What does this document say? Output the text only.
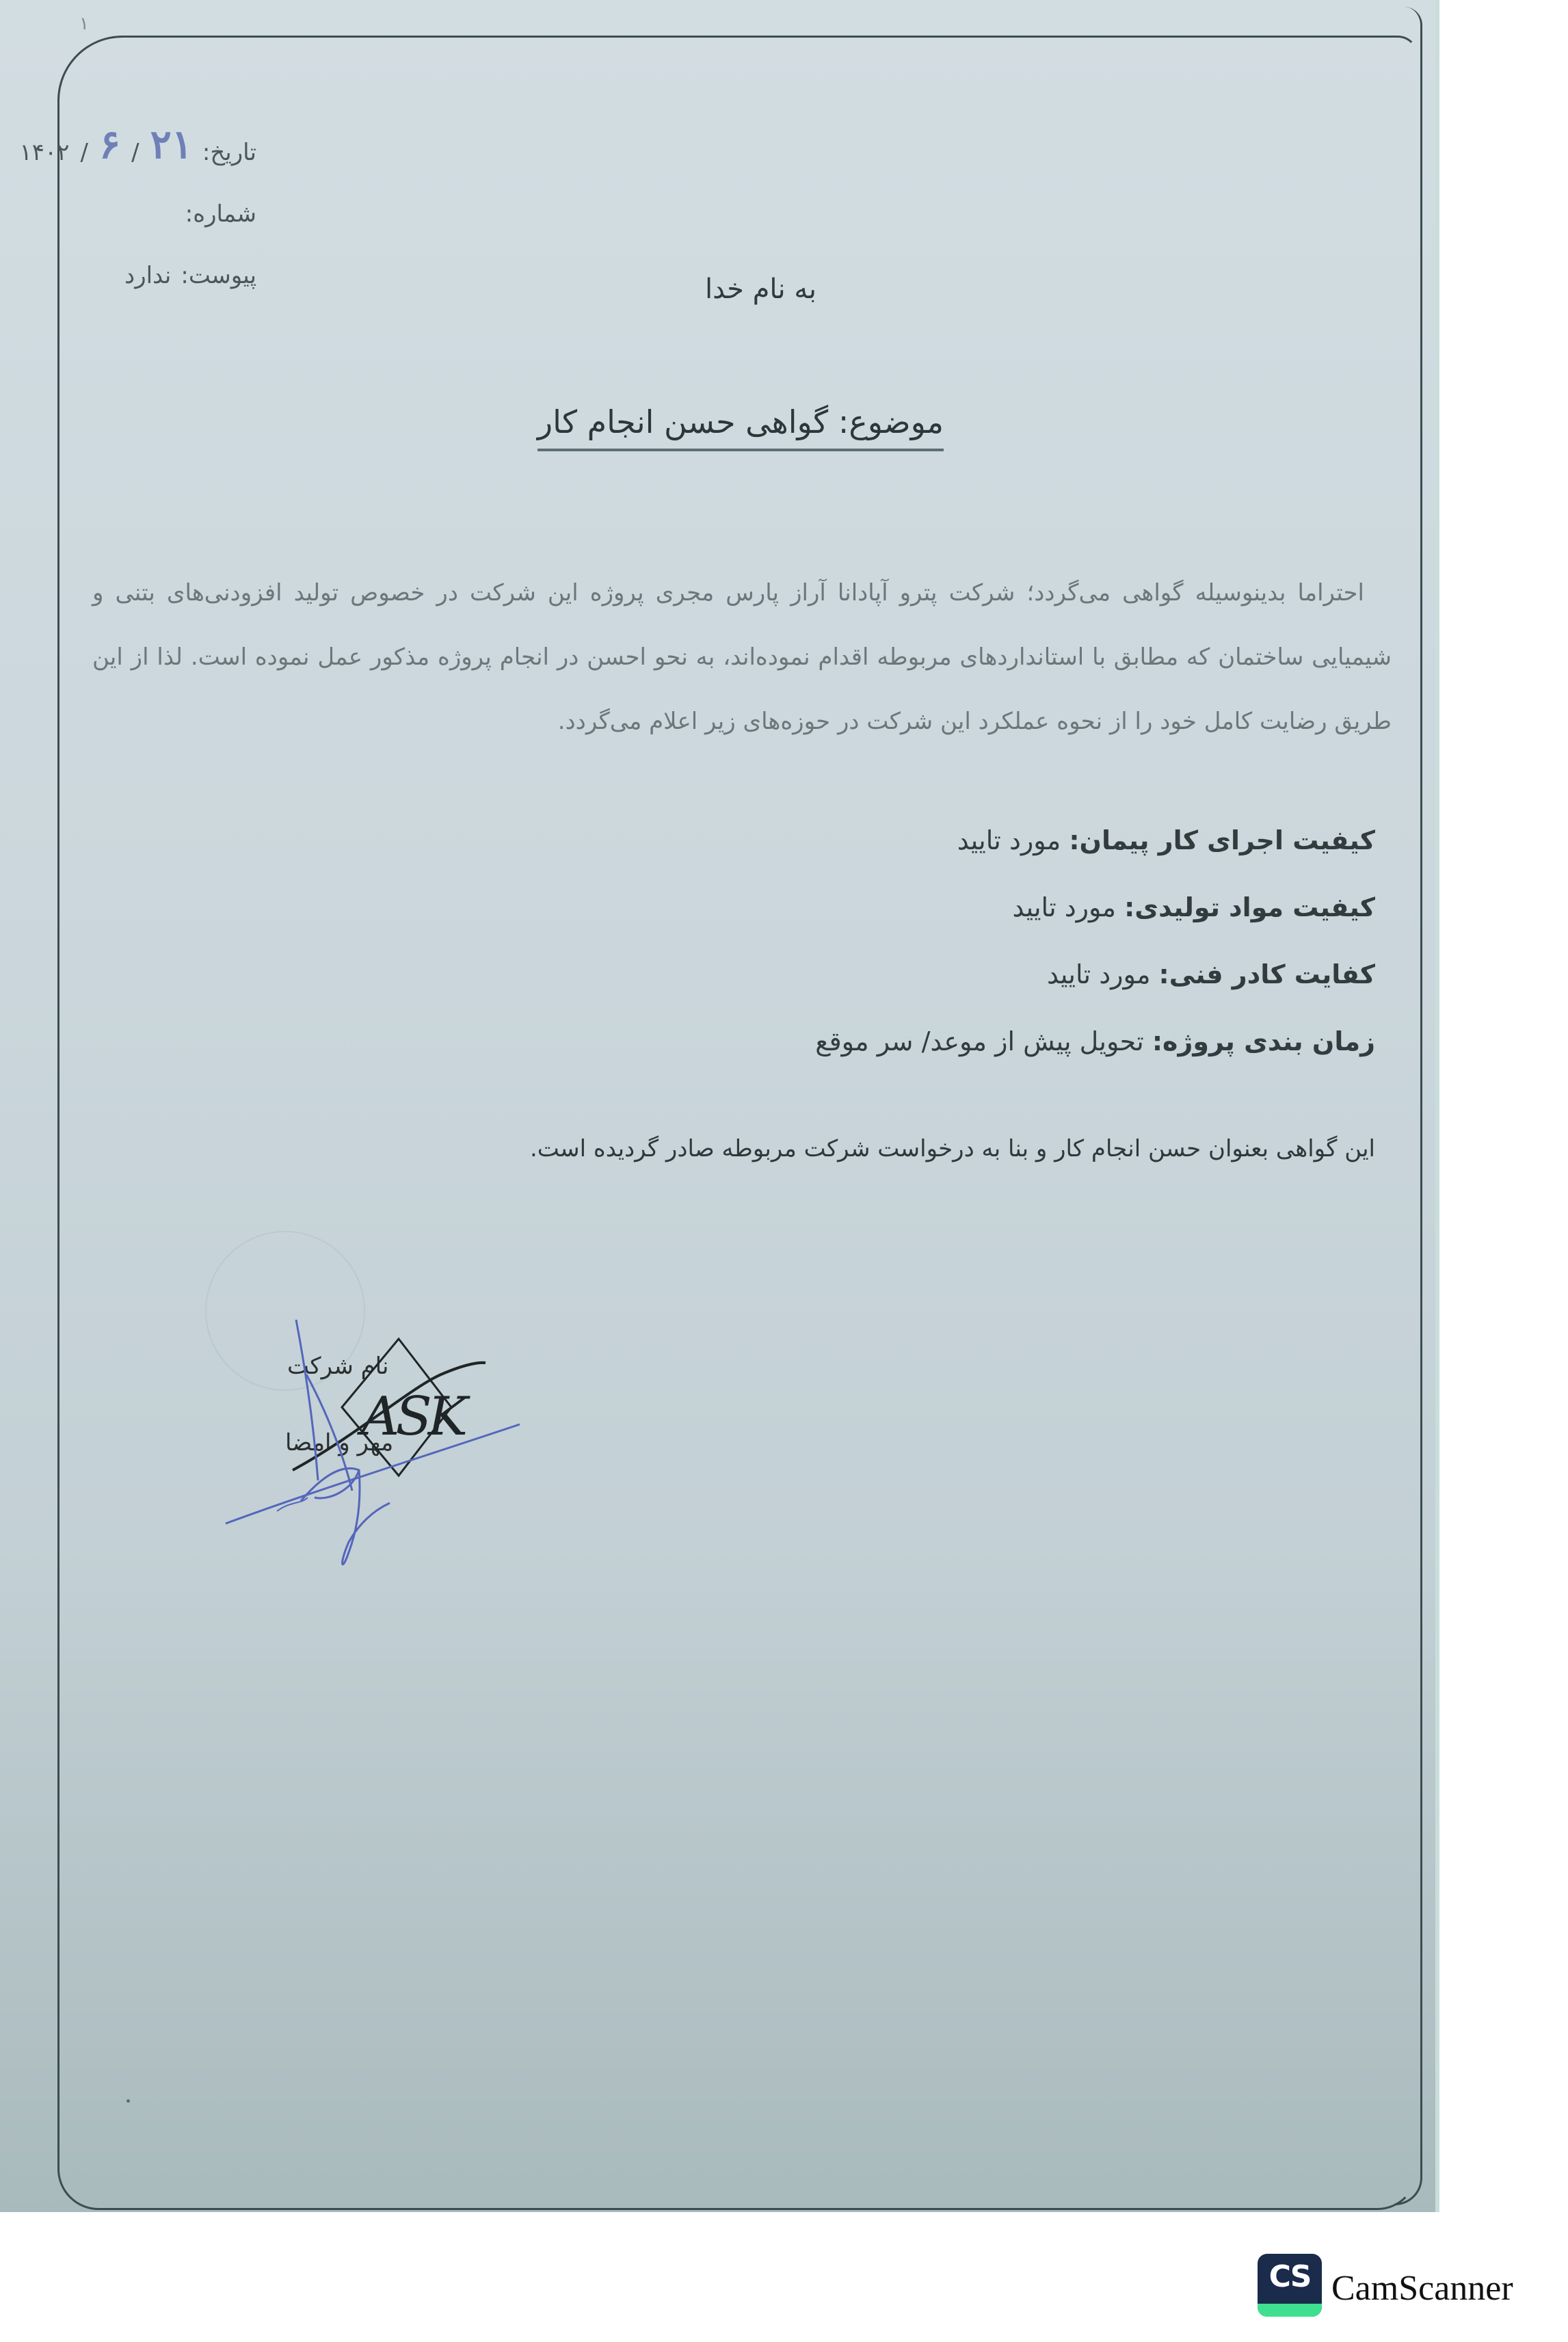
۱
تاریخ:
۱۴۰۲ / ۶ / ۲۱
شماره:
پیوست:
ندارد	به نام خدا
موضوع: گواهی حسن انجام کار
احتراما بدینوسیله گواهی می‌گردد؛ شرکت پترو آپادانا آراز پارس مجری پروژه این شرکت در خصوص تولید افزودنی‌های بتنی و شیمیایی ساختمان که مطابق با استانداردهای مربوطه اقدام نموده‌اند، به نحو احسن در انجام پروژه مذکور عمل نموده است. لذا از این طریق رضایت کامل خود را از نحوه عملکرد این شرکت در حوزه‌های زیر اعلام می‌گردد.
کیفیت اجرای کار پیمان: مورد تایید
کیفیت مواد تولیدی: مورد تایید
کفایت کادر فنی: مورد تایید
زمان بندی پروژه: تحویل پیش از موعد/ سر موقع
این گواهی بعنوان حسن انجام کار و بنا به درخواست شرکت مربوطه صادر گردیده است.
نام شرکت
مهر و امضا
ASK
CS CamScanner
